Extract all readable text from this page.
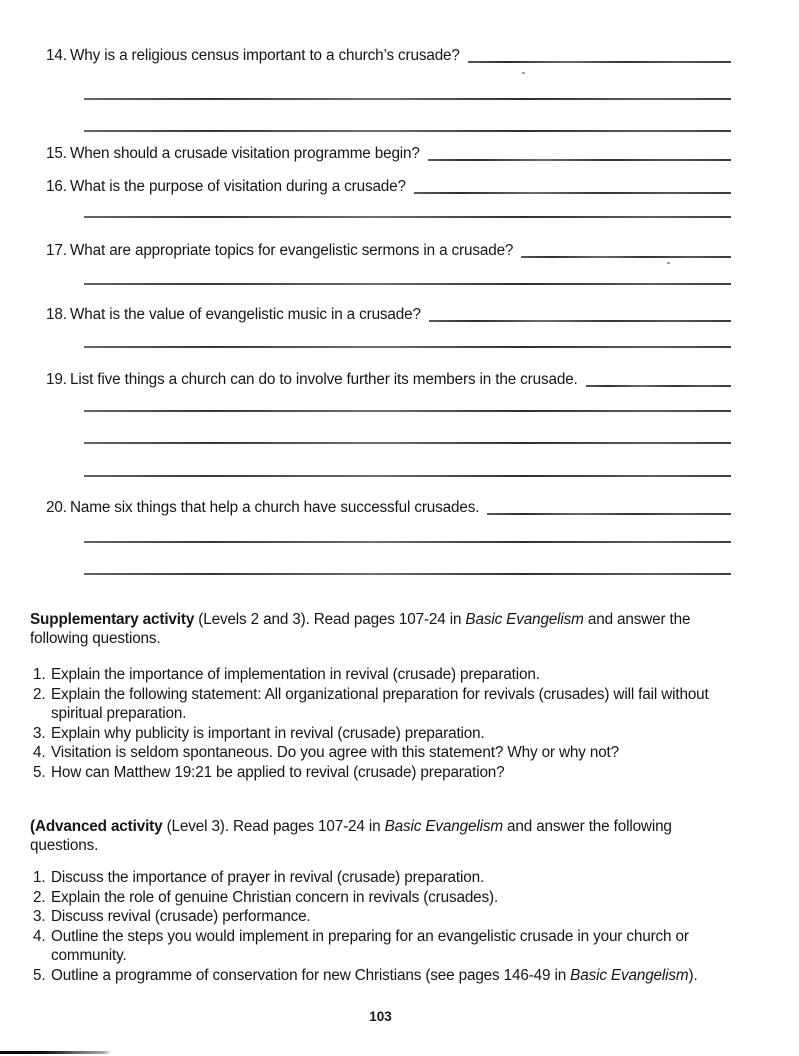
14. Why is a religious census important to a church’s crusade?
15. When should a crusade visitation programme begin?
16. What is the purpose of visitation during a crusade?
17. What are appropriate topics for evangelistic sermons in a crusade?
18. What is the value of evangelistic music in a crusade?
19. List five things a church can do to involve further its members in the crusade.
20. Name six things that help a church have successful crusades.

Supplementary activity (Levels 2 and 3). Read pages 107-24 in Basic Evangelism and answer the following questions.

1. Explain the importance of implementation in revival (crusade) preparation.
2. Explain the following statement: All organizational preparation for revivals (crusades) will fail without spiritual preparation.
3. Explain why publicity is important in revival (crusade) preparation.
4. Visitation is seldom spontaneous. Do you agree with this statement? Why or why not?
5. How can Matthew 19:21 be applied to revival (crusade) preparation?

(Advanced activity (Level 3). Read pages 107-24 in Basic Evangelism and answer the following questions.

1. Discuss the importance of prayer in revival (crusade) preparation.
2. Explain the role of genuine Christian concern in revivals (crusades).
3. Discuss revival (crusade) performance.
4. Outline the steps you would implement in preparing for an evangelistic crusade in your church or community.
5. Outline a programme of conservation for new Christians (see pages 146-49 in Basic Evangelism).
103
